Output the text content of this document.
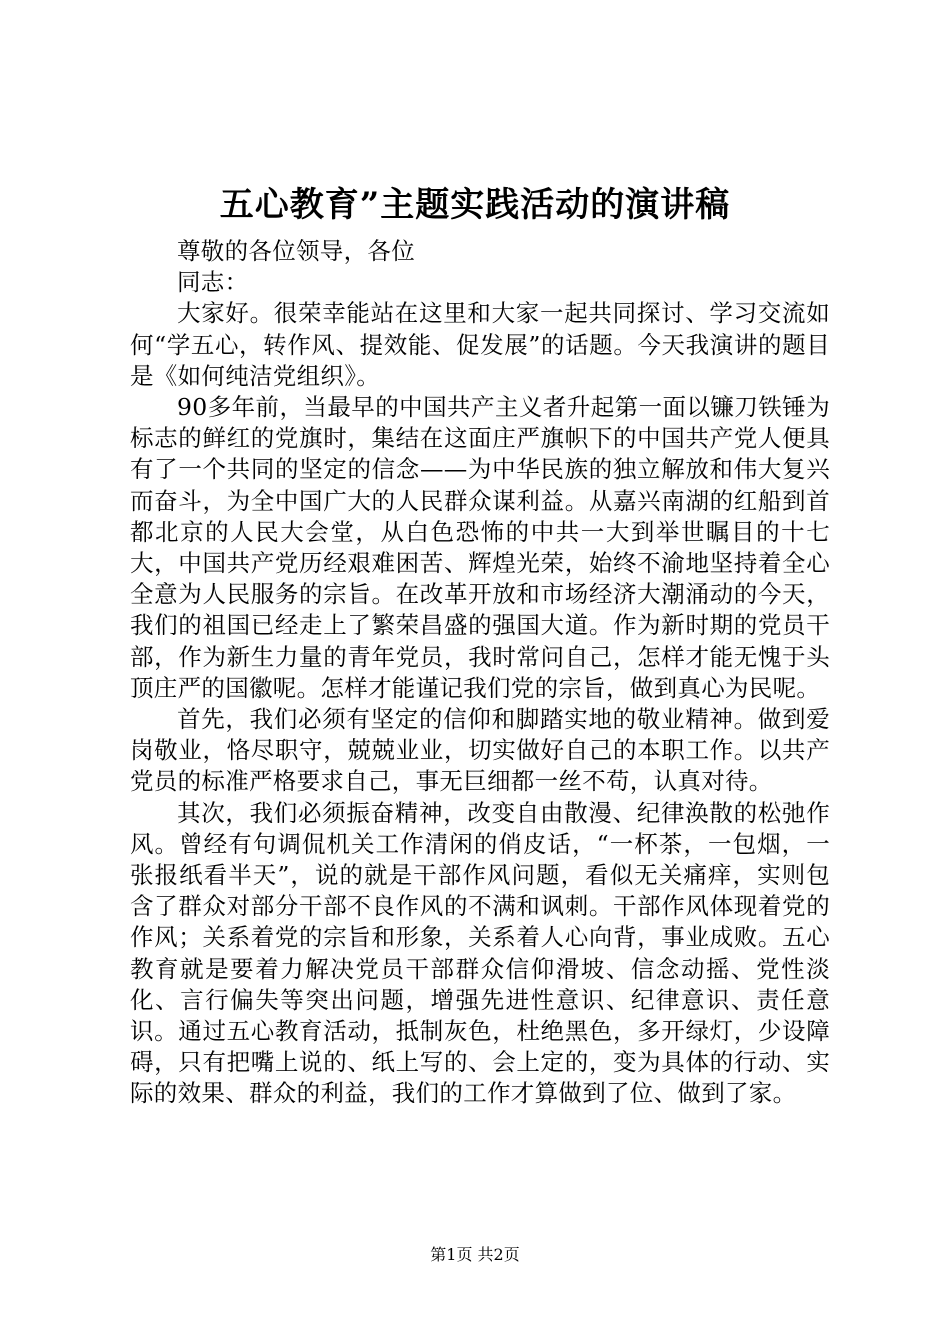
五心教育”主题实践活动的演讲稿

尊敬的各位领导，各位同志：

大家好。很荣幸能站在这里和大家一起共同探讨、学习交流如何“学五心，转作风、提效能、促发展”的话题。今天我演讲的题目是《如何纯洁党组织》。

90多年前，当最早的中国共产主义者升起第一面以镰刀铁锤为标志的鲜红的党旗时，集结在这面庄严旗帜下的中国共产党人便具有了一个共同的坚定的信念——为中华民族的独立解放和伟大复兴而奋斗，为全中国广大的人民群众谋利益。从嘉兴南湖的红船到首都北京的人民大会堂，从白色恐怖的中共一大到举世瞩目的十七大，中国共产党历经艰难困苦、辉煌光荣，始终不渝地坚持着全心全意为人民服务的宗旨。在改革开放和市场经济大潮涌动的今天，我们的祖国已经走上了繁荣昌盛的强国大道。作为新时期的党员干部，作为新生力量的青年党员，我时常问自己，怎样才能无愧于头顶庄严的国徽呢。怎样才能谨记我们党的宗旨，做到真心为民呢。

首先，我们必须有坚定的信仰和脚踏实地的敬业精神。做到爱岗敬业，恪尽职守，兢兢业业，切实做好自己的本职工作。以共产党员的标准严格要求自己，事无巨细都一丝不苟，认真对待。

其次，我们必须振奋精神，改变自由散漫、纪律涣散的松弛作风。曾经有句调侃机关工作清闲的俏皮话，“一杯茶，一包烟，一张报纸看半天”，说的就是干部作风问题，看似无关痛痒，实则包含了群众对部分干部不良作风的不满和讽刺。干部作风体现着党的作风；关系着党的宗旨和形象，关系着人心向背，事业成败。五心教育就是要着力解决党员干部群众信仰滑坡、信念动摇、党性淡化、言行偏失等突出问题，增强先进性意识、纪律意识、责任意识。通过五心教育活动，抵制灰色，杜绝黑色，多开绿灯，少设障碍，只有把嘴上说的、纸上写的、会上定的，变为具体的行动、实际的效果、群众的利益，我们的工作才算做到了位、做到了家。

第1页 共2页
